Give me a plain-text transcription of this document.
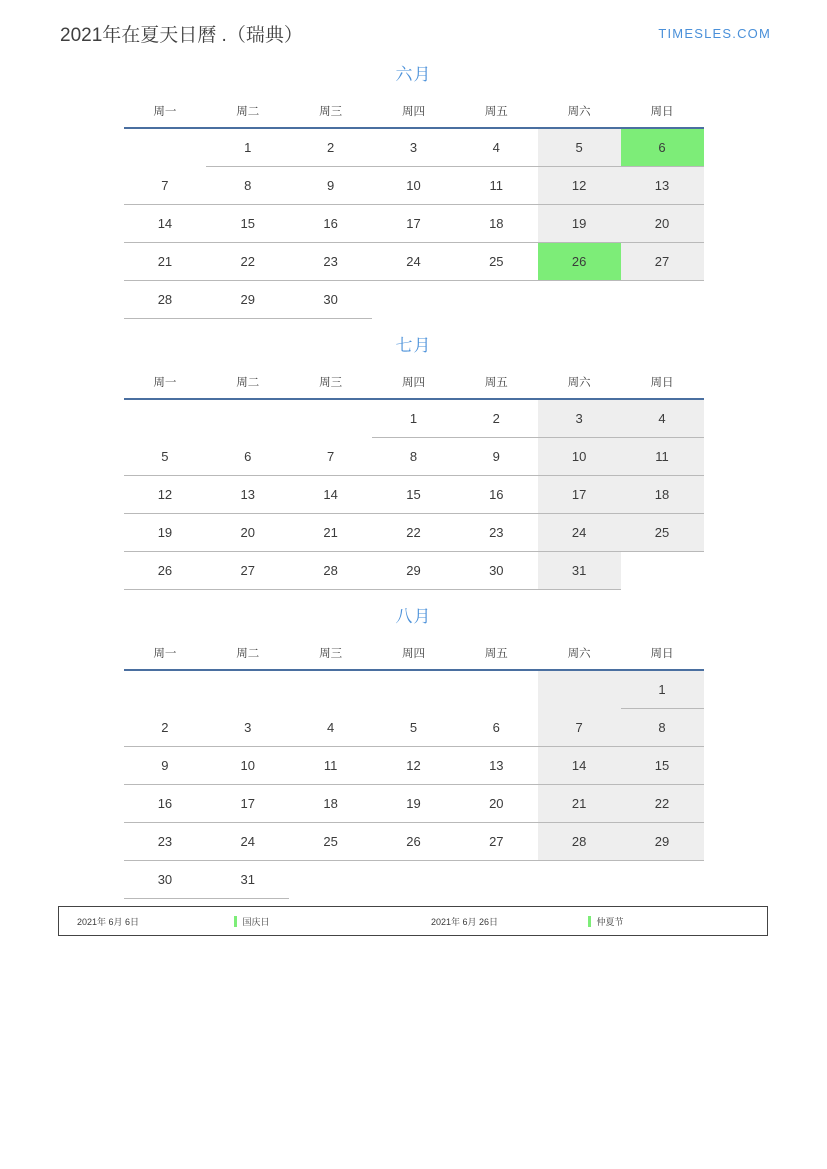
2021年在夏天日曆 .（瑞典）	TIMESLES.COM
六月
周一	周二	周三	周四	周五	周六	周日
	1	2	3	4	5	6
7	8	9	10	11	12	13
14	15	16	17	18	19	20
21	22	23	24	25	26	27
28	29	30				
七月
周一	周二	周三	周四	周五	周六	周日
			1	2	3	4
5	6	7	8	9	10	11
12	13	14	15	16	17	18
19	20	21	22	23	24	25
26	27	28	29	30	31	
八月
周一	周二	周三	周四	周五	周六	周日
						1
2	3	4	5	6	7	8
9	10	11	12	13	14	15
16	17	18	19	20	21	22
23	24	25	26	27	28	29
30	31					
2021年 6月 6日	国庆日	2021年 6月 26日	仲夏节
